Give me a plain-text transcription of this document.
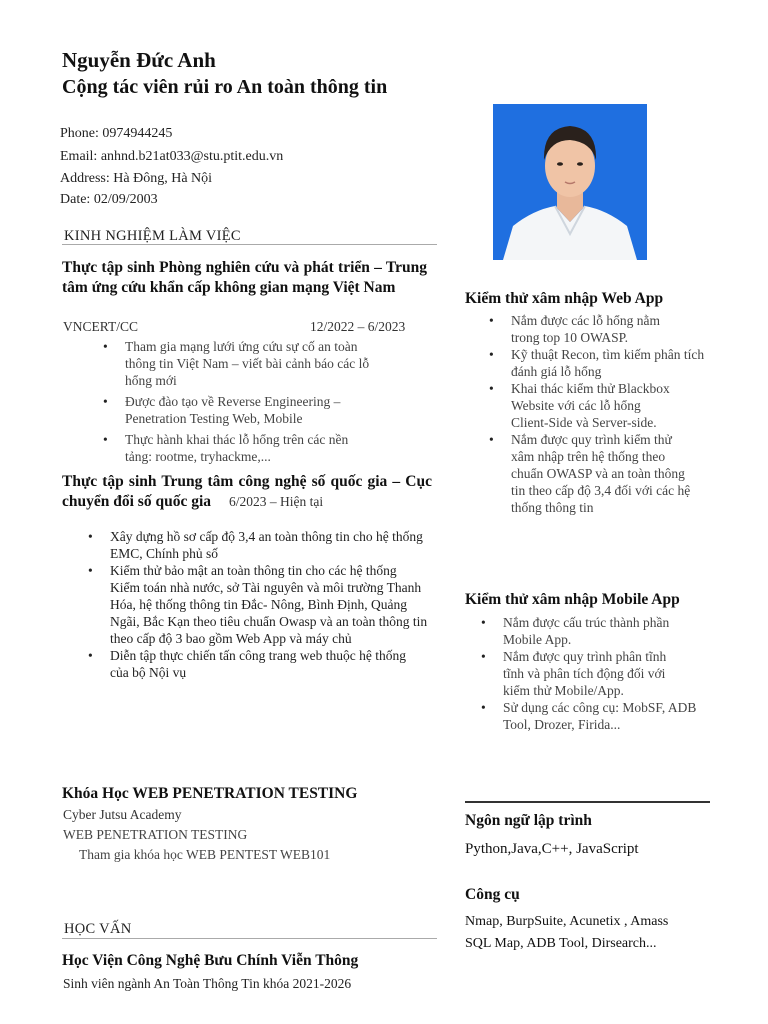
Nguyễn Đức Anh
Cộng tác viên rủi ro An toàn thông tin
Phone: 0974944245
Email: anhnd.b21at033@stu.ptit.edu.vn
Address: Hà Đông, Hà Nội
Date: 02/09/2003
KINH NGHIỆM LÀM VIỆC
Thực tập sinh Phòng nghiên cứu và phát triển – Trung tâm ứng cứu khẩn cấp không gian mạng Việt Nam
VNCERT/CC	12/2022 – 6/2023
• Tham gia mạng lưới ứng cứu sự cố an toàn thông tin Việt Nam – viết bài cảnh báo các lỗ hổng mới
• Được đào tạo về Reverse Engineering – Penetration Testing Web, Mobile
• Thực hành khai thác lỗ hổng trên các nền tảng: rootme, tryhackme,...
Thực tập sinh Trung tâm công nghệ số quốc gia – Cục chuyển đổi số quốc gia 6/2023 – Hiện tại
• Xây dựng hồ sơ cấp độ 3,4 an toàn thông tin cho hệ thống EMC, Chính phủ số
• Kiểm thử bảo mật an toàn thông tin cho các hệ thống Kiểm toán nhà nước, sở Tài nguyên và môi trường Thanh Hóa, hệ thống thông tin Đắc- Nông, Bình Định, Quảng Ngãi, Bắc Kạn theo tiêu chuẩn Owasp và an toàn thông tin theo cấp độ 3 bao gồm Web App và máy chủ
• Diễn tập thực chiến tấn công trang web thuộc hệ thống của bộ Nội vụ
Khóa Học WEB PENETRATION TESTING
Cyber Jutsu Academy
WEB PENETRATION TESTING
Tham gia khóa học WEB PENTEST WEB101
HỌC VẤN
Học Viện Công Nghệ Bưu Chính Viễn Thông
Sinh viên ngành An Toàn Thông Tin khóa 2021-2026
Kiểm thử xâm nhập Web App
• Nắm được các lỗ hổng nằm trong top 10 OWASP.
• Kỹ thuật Recon, tìm kiếm phân tích đánh giá lỗ hổng
• Khai thác kiểm thử Blackbox Website với các lỗ hổng Client-Side và Server-side.
• Nắm được quy trình kiểm thử xâm nhập trên hệ thống theo chuẩn OWASP và an toàn thông tin theo cấp độ 3,4 đối với các hệ thống thông tin
Kiểm thử xâm nhập Mobile App
• Nắm được cấu trúc thành phần Mobile App.
• Nắm được quy trình phân tĩnh tĩnh và phân tích động đối với kiểm thử Mobile/App.
• Sử dụng các công cụ: MobSF, ADB Tool, Drozer, Firida...
Ngôn ngữ lập trình
Python,Java,C++, JavaScript
Công cụ
Nmap, BurpSuite, Acunetix , Amass SQL Map, ADB Tool, Dirsearch...
